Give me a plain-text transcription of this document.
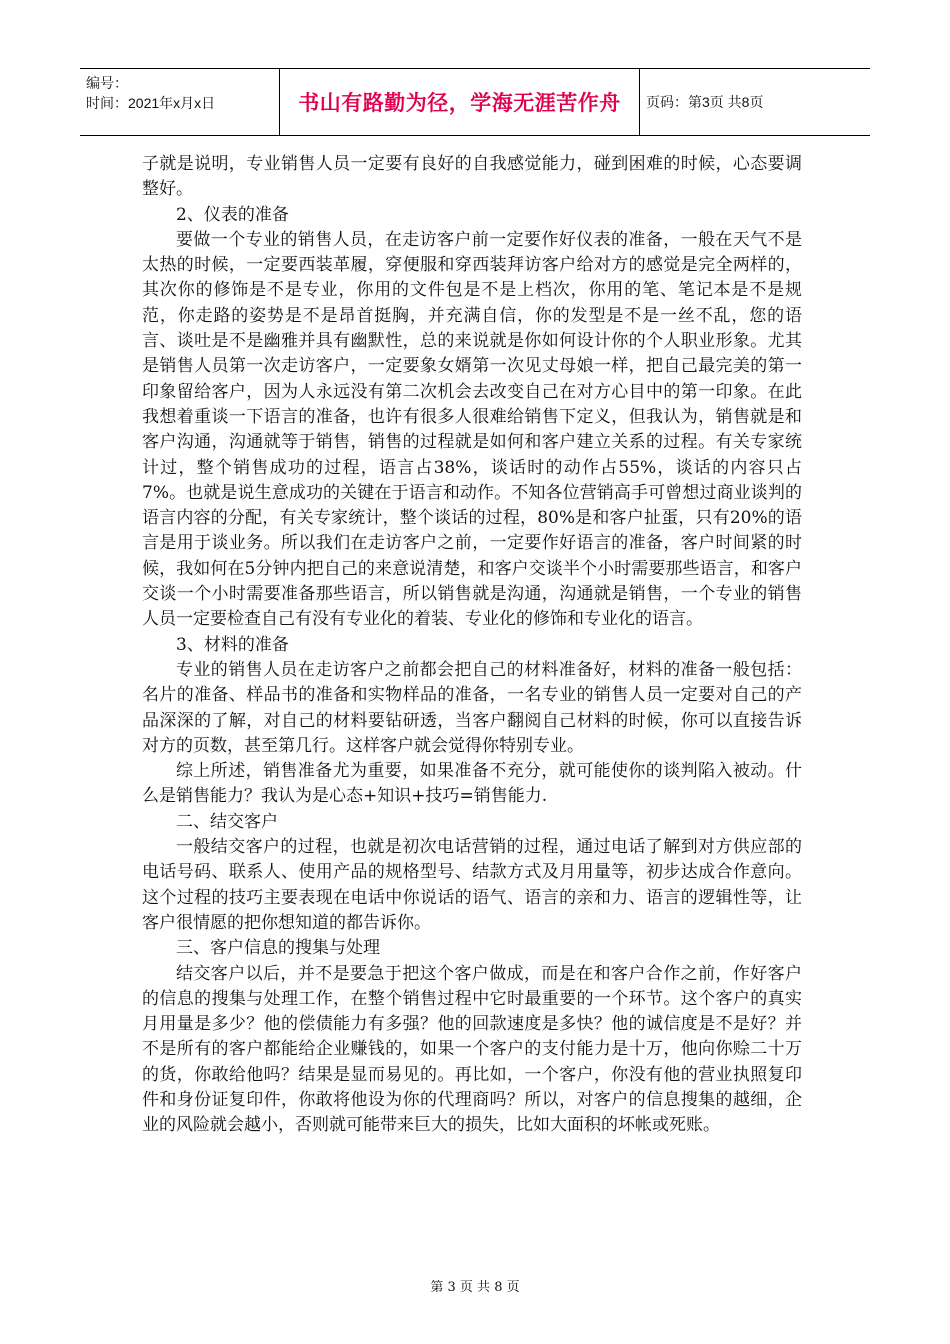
编号：
时间：2021年x月x日	书山有路勤为径，学海无涯苦作舟 页码：第3页 共8页

子就是说明，专业销售人员一定要有良好的自我感觉能力，碰到困难的时候，心态要调整好。

2、仪表的准备

要做一个专业的销售人员，在走访客户前一定要作好仪表的准备，一般在天气不是太热的时候，一定要西装革履，穿便服和穿西装拜访客户给对方的感觉是完全两样的，其次你的修饰是不是专业，你用的文件包是不是上档次，你用的笔、笔记本是不是规范，你走路的姿势是不是昂首挺胸，并充满自信，你的发型是不是一丝不乱，您的语言、谈吐是不是幽雅并具有幽默性，总的来说就是你如何设计你的个人职业形象。尤其是销售人员第一次走访客户，一定要象女婿第一次见丈母娘一样，把自己最完美的第一印象留给客户，因为人永远没有第二次机会去改变自己在对方心目中的第一印象。在此我想着重谈一下语言的准备，也许有很多人很难给销售下定义，但我认为，销售就是和客户沟通，沟通就等于销售，销售的过程就是如何和客户建立关系的过程。有关专家统计过，整个销售成功的过程，语言占38%，谈话时的动作占55%，谈话的内容只占7%。也就是说生意成功的关键在于语言和动作。不知各位营销高手可曾想过商业谈判的语言内容的分配，有关专家统计，整个谈话的过程，80%是和客户扯蛋，只有20%的语言是用于谈业务。所以我们在走访客户之前，一定要作好语言的准备，客户时间紧的时候，我如何在5分钟内把自己的来意说清楚，和客户交谈半个小时需要那些语言，和客户交谈一个小时需要准备那些语言，所以销售就是沟通，沟通就是销售，一个专业的销售人员一定要检查自己有没有专业化的着装、专业化的修饰和专业化的语言。

3、材料的准备

专业的销售人员在走访客户之前都会把自己的材料准备好，材料的准备一般包括：名片的准备、样品书的准备和实物样品的准备，一名专业的销售人员一定要对自己的产品深深的了解，对自己的材料要钻研透，当客户翻阅自己材料的时候，你可以直接告诉对方的页数，甚至第几行。这样客户就会觉得你特别专业。

综上所述，销售准备尤为重要，如果准备不充分，就可能使你的谈判陷入被动。什么是销售能力？我认为是心态+知识+技巧=销售能力.

二、结交客户

一般结交客户的过程，也就是初次电话营销的过程，通过电话了解到对方供应部的电话号码、联系人、使用产品的规格型号、结款方式及月用量等，初步达成合作意向。这个过程的技巧主要表现在电话中你说话的语气、语言的亲和力、语言的逻辑性等，让客户很情愿的把你想知道的都告诉你。

三、客户信息的搜集与处理

结交客户以后，并不是要急于把这个客户做成，而是在和客户合作之前，作好客户的信息的搜集与处理工作，在整个销售过程中它时最重要的一个环节。这个客户的真实月用量是多少？他的偿债能力有多强？他的回款速度是多快？他的诚信度是不是好？并不是所有的客户都能给企业赚钱的，如果一个客户的支付能力是十万，他向你赊二十万的货，你敢给他吗？结果是显而易见的。再比如，一个客户，你没有他的营业执照复印件和身份证复印件，你敢将他设为你的代理商吗？所以，对客户的信息搜集的越细，企业的风险就会越小，否则就可能带来巨大的损失，比如大面积的坏帐或死账。

第 3 页 共 8 页
